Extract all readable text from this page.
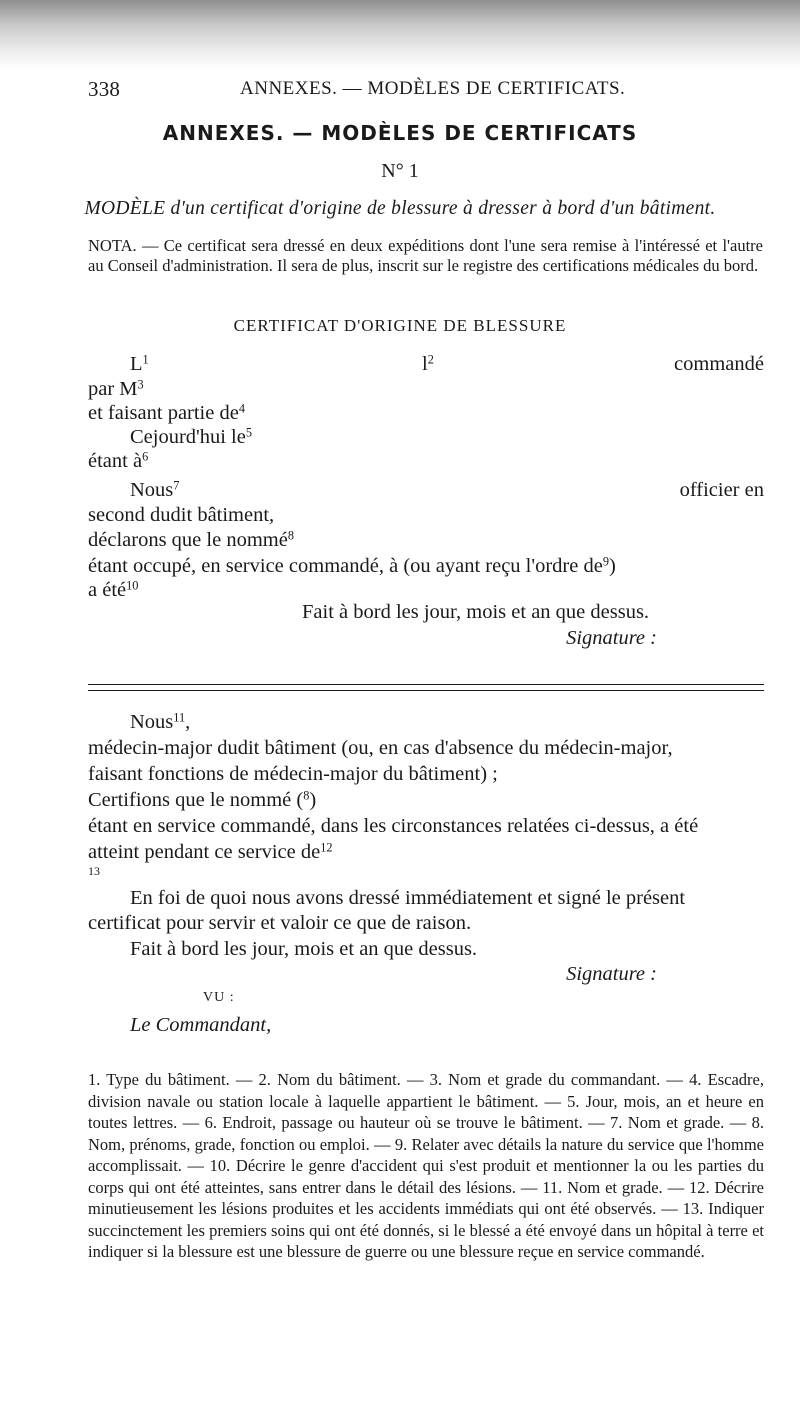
338	ANNEXES. — MODÈLES DE CERTIFICATS.
ANNEXES. — MODÈLES DE CERTIFICATS
N° 1
MODÈLE d'un certificat d'origine de blessure à dresser à bord d'un bâtiment.
NOTA. — Ce certificat sera dressé en deux expéditions dont l'une sera remise à l'intéressé et l'autre au Conseil d'administration. Il sera de plus, inscrit sur le registre des certifications médicales du bord.
CERTIFICAT D'ORIGINE DE BLESSURE
$L^1$	$l^2$	commandé
par $M^3$
et faisant partie $de^4$
Cejourd'hui $le^5$
étant $à^6$
Nous$^7$	officier en
second dudit bâtiment,
déclarons que le nommé$^8$
étant occupé, en service commandé, à (ou ayant reçu l'ordre $de^9$)
a été$^{10}$
Fait à bord les jour, mois et an que dessus.
Signature :
Nous$^{11}$,
médecin-major dudit bâtiment (ou, en cas d'absence du médecin-major,
faisant fonctions de médecin-major du bâtiment) ;
Certifions que le nommé ($^8$)
étant en service commandé, dans les circonstances relatées ci-dessus, a été
atteint pendant ce service $de^{12}$
13
En foi de quoi nous avons dressé immédiatement et signé le présent
certificat pour servir et valoir ce que de raison.
Fait à bord les jour, mois et an que dessus.
Signature :
VU :
Le Commandant,
1. Type du bâtiment. — 2. Nom du bâtiment. — 3. Nom et grade du commandant. — 4. Escadre, division navale ou station locale à laquelle appartient le bâtiment. — 5. Jour, mois, an et heure en toutes lettres. — 6. Endroit, passage ou hauteur où se trouve le bâtiment. — 7. Nom et grade. — 8. Nom, prénoms, grade, fonction ou emploi. — 9. Relater avec détails la nature du service que l'homme accomplissait. — 10. Décrire le genre d'accident qui s'est produit et mentionner la ou les parties du corps qui ont été atteintes, sans entrer dans le détail des lésions. — 11. Nom et grade. — 12. Décrire minutieusement les lésions produites et les accidents immédiats qui ont été observés. — 13. Indiquer succinctement les premiers soins qui ont été donnés, si le blessé a été envoyé dans un hôpital à terre et indiquer si la blessure est une blessure de guerre ou une blessure reçue en service commandé.
